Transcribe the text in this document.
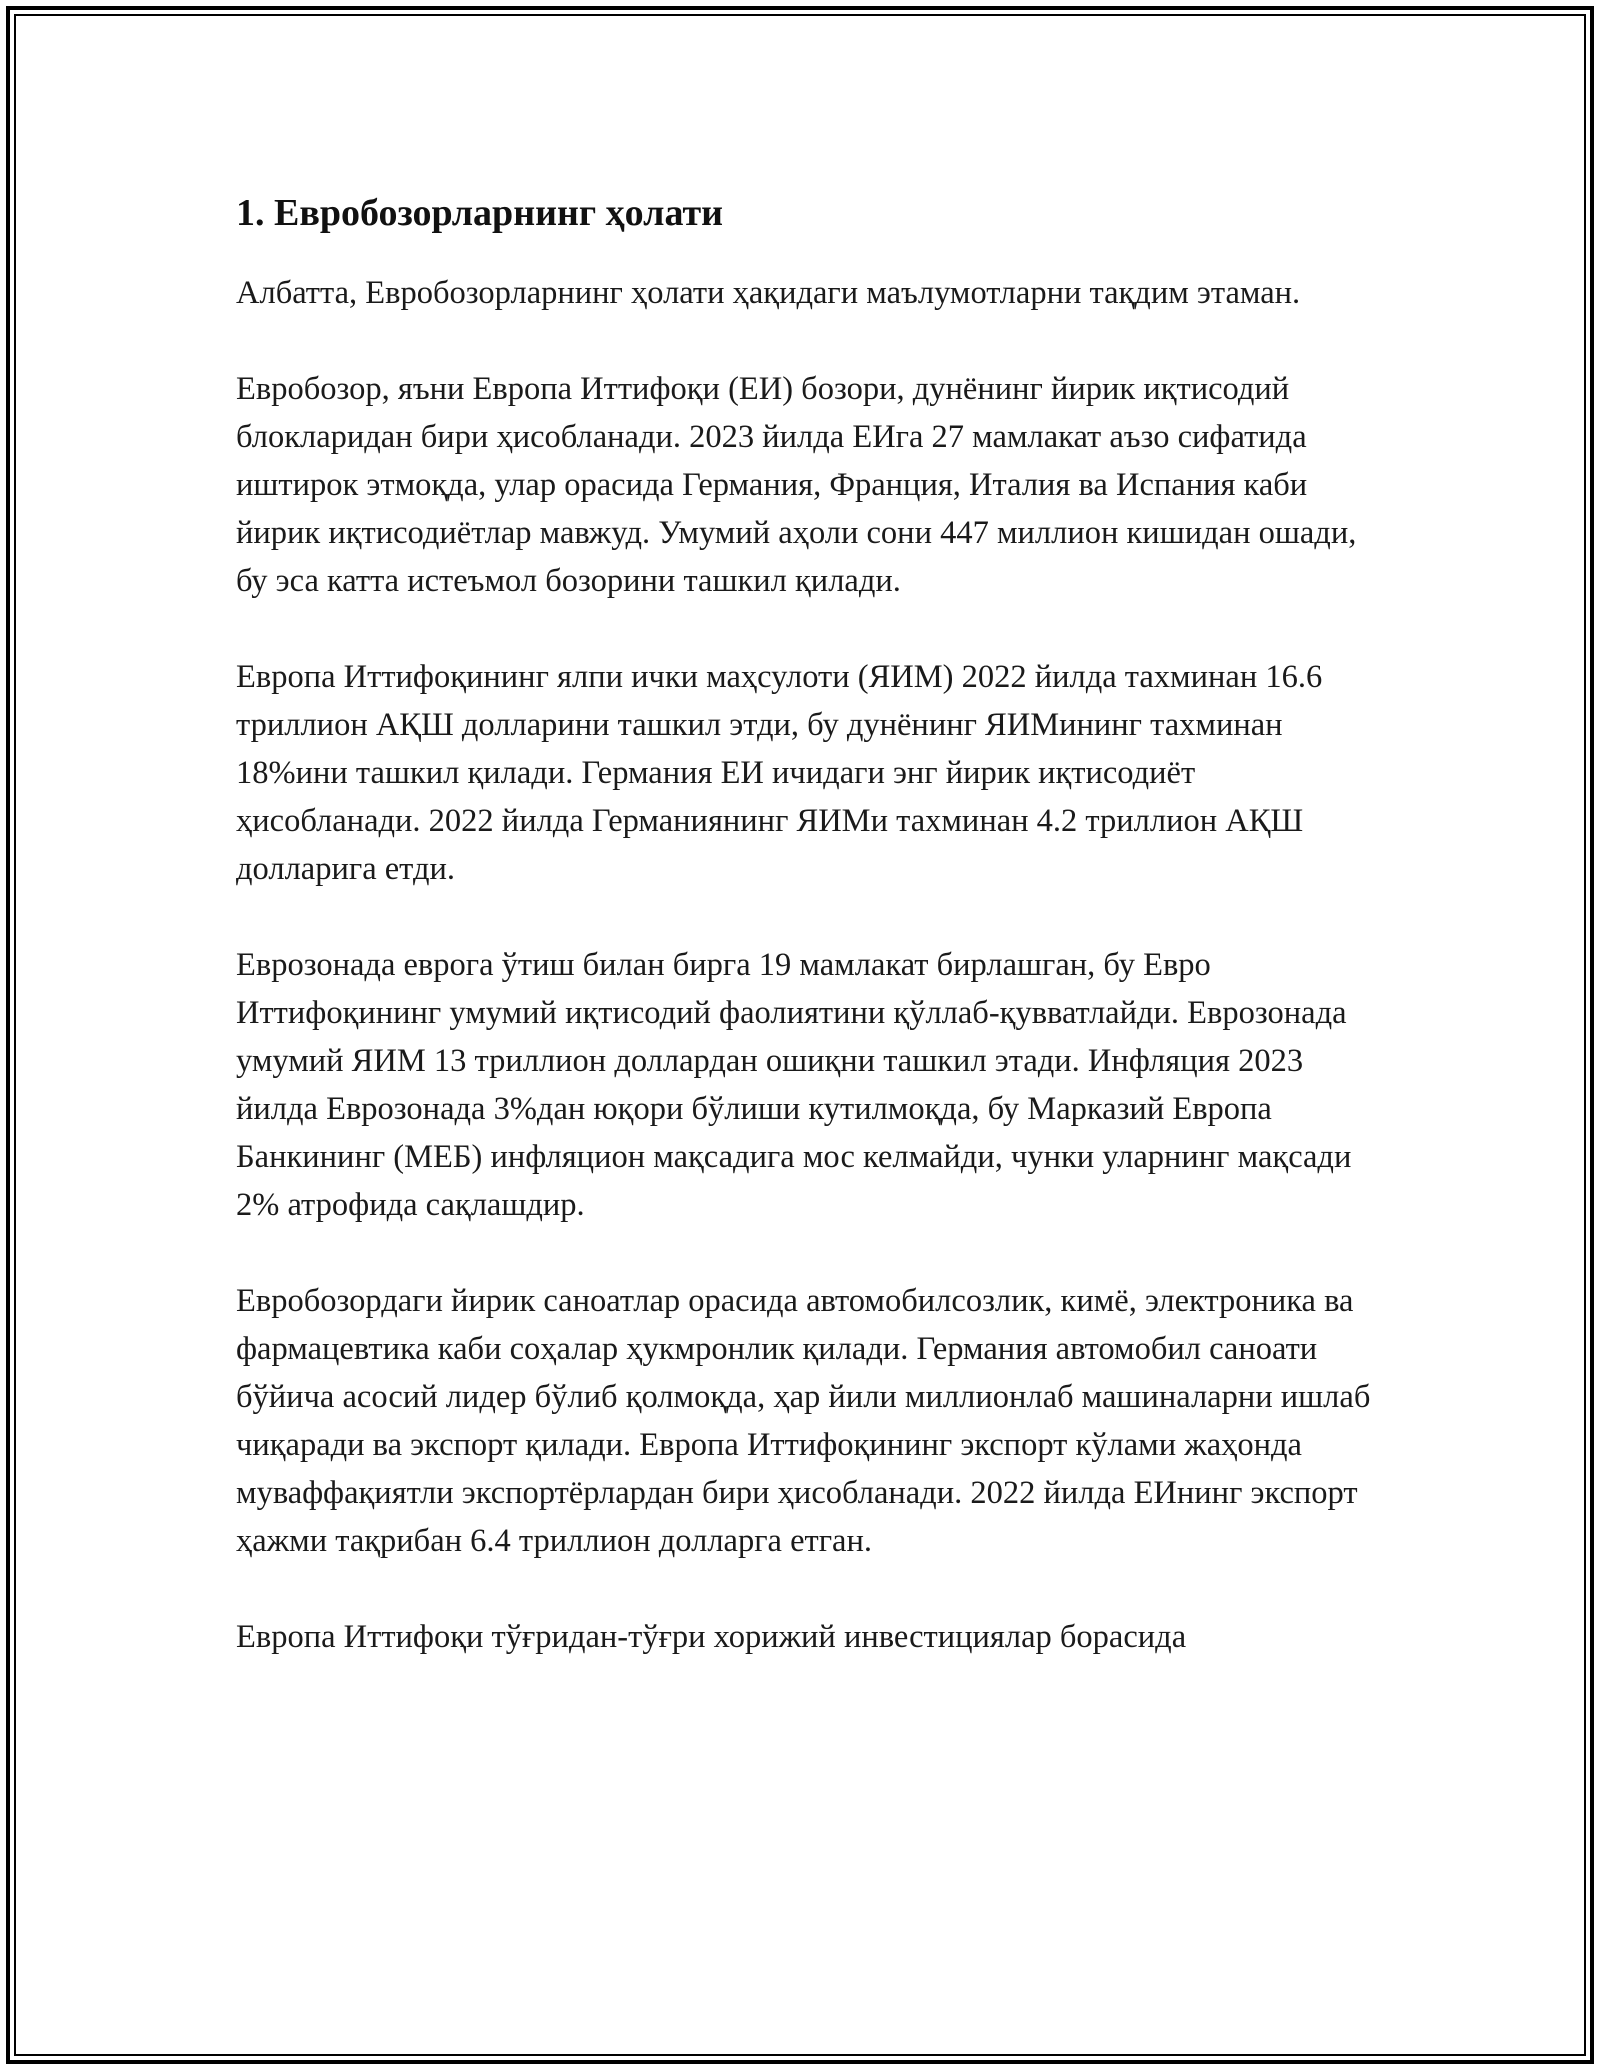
1. Евробозорларнинг ҳолати

Албатта, Евробозорларнинг ҳолати ҳақидаги маълумотларни тақдим этаман.

Евробозор, яъни Европа Иттифоқи (ЕИ) бозори, дунёнинг йирик иқтисодий блокларидан бири ҳисобланади. 2023 йилда ЕИга 27 мамлакат аъзо сифатида иштирок этмоқда, улар орасида Германия, Франция, Италия ва Испания каби йирик иқтисодиётлар мавжуд. Умумий аҳоли сони 447 миллион кишидан ошади, бу эса катта истеъмол бозорини ташкил қилади.

Европа Иттифоқининг ялпи ички маҳсулоти (ЯИМ) 2022 йилда тахминан 16.6 триллион АҚШ долларини ташкил этди, бу дунёнинг ЯИМининг тахминан 18%ини ташкил қилади. Германия ЕИ ичидаги энг йирик иқтисодиёт ҳисобланади. 2022 йилда Германиянинг ЯИМи тахминан 4.2 триллион АҚШ долларига етди.

Еврозонада еврога ўтиш билан бирга 19 мамлакат бирлашган, бу Евро Иттифоқининг умумий иқтисодий фаолиятини қўллаб-қувватлайди. Еврозонада умумий ЯИМ 13 триллион доллардан ошиқни ташкил этади. Инфляция 2023 йилда Еврозонада 3%дан юқори бўлиши кутилмоқда, бу Марказий Европа Банкининг (МЕБ) инфляцион мақсадига мос келмайди, чунки уларнинг мақсади 2% атрофида сақлашдир.

Евробозордаги йирик саноатлар орасида автомобилсозлик, кимё, электроника ва фармацевтика каби соҳалар ҳукмронлик қилади. Германия автомобил саноати бўйича асосий лидер бўлиб қолмоқда, ҳар йили миллионлаб машиналарни ишлаб чиқаради ва экспорт қилади. Европа Иттифоқининг экспорт кўлами жаҳонда муваффақиятли экспортёрлардан бири ҳисобланади. 2022 йилда ЕИнинг экспорт ҳажми тақрибан 6.4 триллион долларга етган.

Европа Иттифоқи тўғридан-тўғри хорижий инвестициялар борасида
